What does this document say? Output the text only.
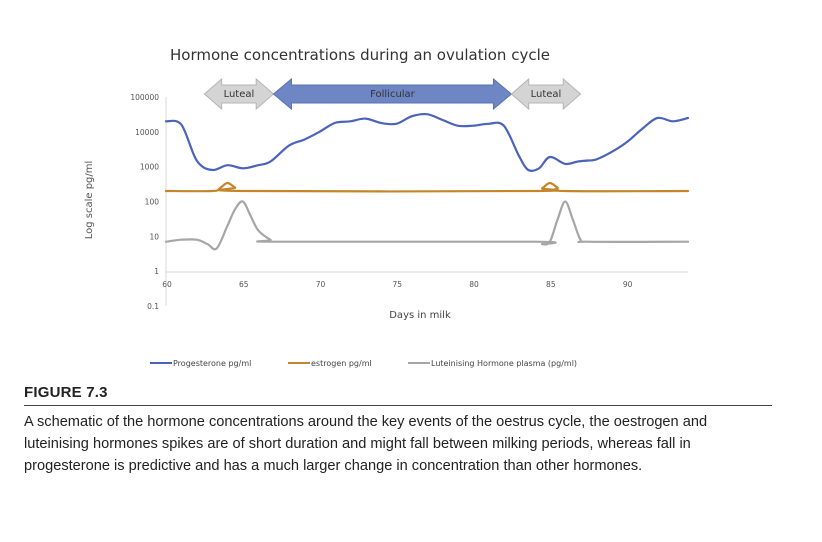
Hormone concentrations during an ovulation cycle
Luteal	Follicular	Luteal
0.1
1
10
100
1000
10000
100000
60	65	70	75	80	85	90
Log scale pg/ml
Days in milk
Progesterone pg/ml	estrogen pg/ml	Luteinising Hormone plasma (pg/ml)
FIGURE 7.3
A schematic of the hormone concentrations around the key events of the oestrus cycle, the oestrogen and luteinising hormones spikes are of short duration and might fall between milking periods, whereas fall in progesterone is predictive and has a much larger change in concentration than other hormones.
